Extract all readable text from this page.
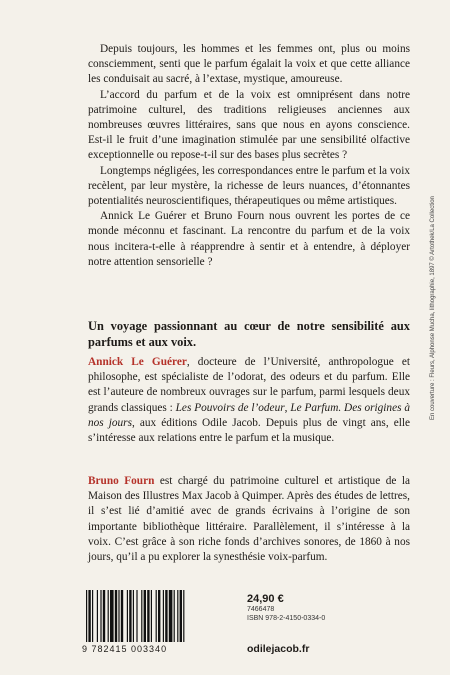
Depuis toujours, les hommes et les femmes ont, plus ou moins consciemment, senti que le parfum égalait la voix et que cette alliance les conduisait au sacré, à l’extase, mystique, amoureuse.

L’accord du parfum et de la voix est omniprésent dans notre patrimoine culturel, des traditions religieuses anciennes aux nombreuses œuvres littéraires, sans que nous en ayons conscience. Est-il le fruit d’une imagination stimulée par une sensibilité olfactive exceptionnelle ou repose-t-il sur des bases plus secrètes ?

Longtemps négligées, les correspondances entre le parfum et la voix recèlent, par leur mystère, la richesse de leurs nuances, d’étonnantes potentialités neuroscientifiques, thérapeutiques ou même artistiques.

Annick Le Guérer et Bruno Fourn nous ouvrent les portes de ce monde méconnu et fascinant. La rencontre du parfum et de la voix nous incitera-t-elle à réapprendre à sentir et à entendre, à déployer notre attention sensorielle ?

Un voyage passionnant au cœur de notre sensibilité aux parfums et aux voix.

Annick Le Guérer, docteure de l’Université, anthropologue et philosophe, est spécialiste de l’odorat, des odeurs et du parfum. Elle est l’auteure de nombreux ouvrages sur le parfum, parmi lesquels deux grands classiques : Les Pouvoirs de l’odeur, Le Parfum. Des origines à nos jours, aux éditions Odile Jacob. Depuis plus de vingt ans, elle s’intéresse aux relations entre le parfum et la musique.

Bruno Fourn est chargé du patrimoine culturel et artistique de la Maison des Illustres Max Jacob à Quimper. Après des études de lettres, il s’est lié d’amitié avec de grands écrivains à l’origine de son importante bibliothèque littéraire. Parallèlement, il s’intéresse à la voix. C’est grâce à son riche fonds d’archives sonores, de 1860 à nos jours, qu’il a pu explorer la synesthésie voix-parfum.

9 782415 003340
24,90 €
7466478
ISBN 978-2-4150-0334-0
odilejacob.fr
En couverture : Fleurs, Alphonse Mucha, lithographie, 1897 © Artothek/La Collection
